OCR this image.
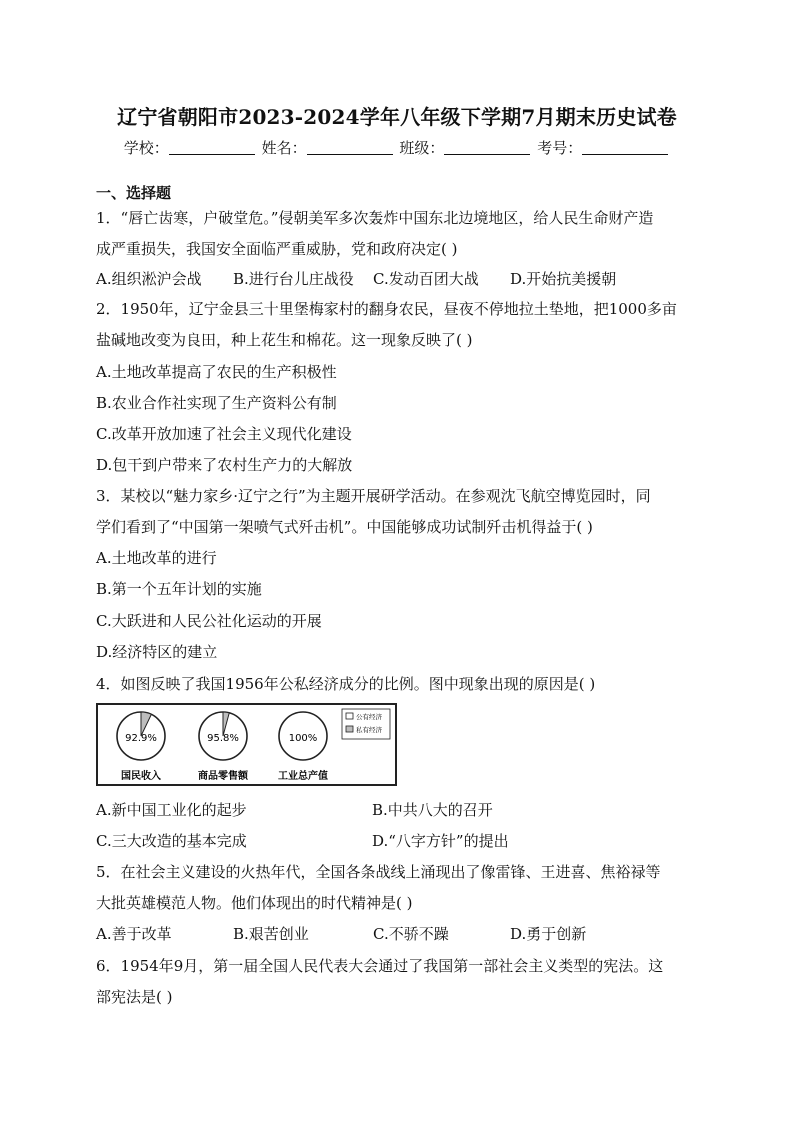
辽宁省朝阳市2023-2024学年八年级下学期7月期末历史试卷
学校：	姓名：	班级：	考号：
一、选择题
1．“唇亡齿寒，户破堂危。”侵朝美军多次轰炸中国东北边境地区，给人民生命财产造
成严重损失，我国安全面临严重威胁，党和政府决定( )
A.组织淞沪会战 B.进行台儿庄战役 C.发动百团大战 D.开始抗美援朝
2．1950年，辽宁金县三十里堡梅家村的翻身农民，昼夜不停地拉土垫地，把1000多亩
盐碱地改变为良田，种上花生和棉花。这一现象反映了( )
A.土地改革提高了农民的生产积极性
B.农业合作社实现了生产资料公有制
C.改革开放加速了社会主义现代化建设
D.包干到户带来了农村生产力的大解放
3．某校以“魅力家乡·辽宁之行”为主题开展研学活动。在参观沈飞航空博览园时，同
学们看到了“中国第一架喷气式歼击机”。中国能够成功试制歼击机得益于( )
A.土地改革的进行
B.第一个五年计划的实施
C.大跃进和人民公社化运动的开展
D.经济特区的建立
4．如图反映了我国1956年公私经济成分的比例。图中现象出现的原因是( )
92.9%
国民收入
95.8%
商品零售额
100%
工业总产值
公有经济
私有经济
A.新中国工业化的起步	B.中共八大的召开
C.三大改造的基本完成	D.“八字方针”的提出
5．在社会主义建设的火热年代，全国各条战线上涌现出了像雷锋、王进喜、焦裕禄等
大批英雄模范人物。他们体现出的时代精神是( )
A.善于改革	B.艰苦创业	C.不骄不躁	D.勇于创新
6．1954年9月，第一届全国人民代表大会通过了我国第一部社会主义类型的宪法。这
部宪法是( )
